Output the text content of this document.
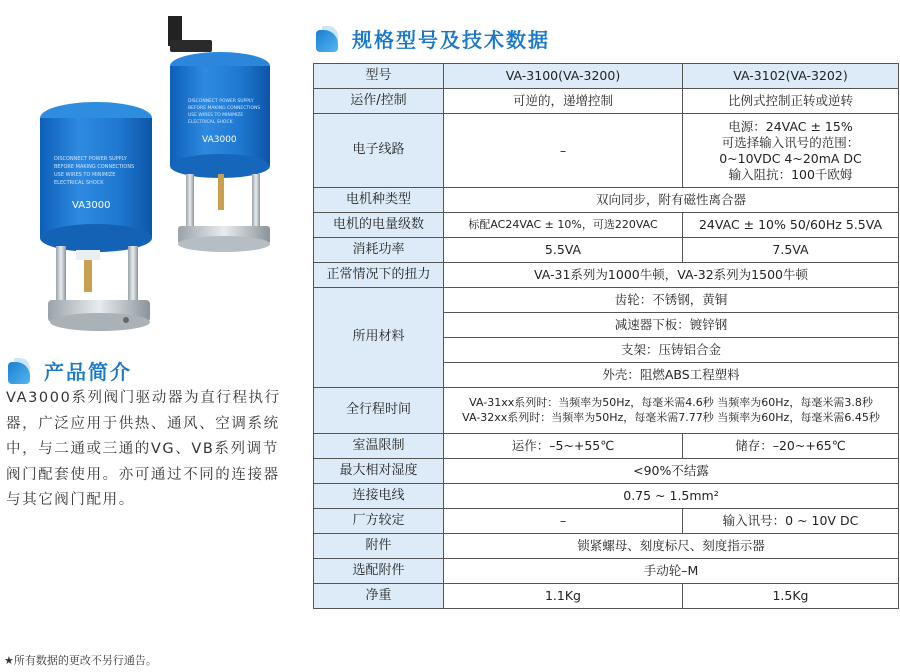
DISCONNECT POWER SUPPLY
BEFORE MAKING CONNECTIONS
USE WIRES TO MINIMIZE
ELECTRICAL SHOCK
VA3000
DISCONNECT POWER SUPPLY
BEFORE MAKING CONNECTIONS
USE WIRES TO MINIMIZE
ELECTRICAL SHOCK
VA3000
产品简介
VA3000系列阀门驱动器为直行程执行器，广泛应用于供热、通风、空调系统中，与二通或三通的VG、VB系列调节阀门配套使用。亦可通过不同的连接器与其它阀门配用。
规格型号及技术数据
型号	VA-3100(VA-3200)	VA-3102(VA-3202)
运作/控制	可逆的，递增控制	比例式控制正转或逆转
电子线路	–	电源：24VAC ± 15%
可选择输入讯号的范围：
0~10VDC 4~20mA DC
输入阻抗：100千欧姆

电机种类型	双向同步，附有磁性离合器	
电机的电量级数	标配AC24VAC ± 10%，可选220VAC	24VAC ± 10% 50/60Hz 5.5VA
消耗功率	5.5VA	7.5VA
正常情况下的扭力	VA-31系列为1000牛顿，VA-32系列为1500牛顿	
所用材料	齿轮：不锈钢，黄铜	
	减速器下板：镀锌钢	
	支架：压铸铝合金	
	外壳：阻燃ABS工程塑料	
全行程时间	VA-31xx系列时：当频率为50Hz，每毫米需4.6秒 当频率为60Hz，每毫米需3.8秒
VA-32xx系列时：当频率为50Hz，每毫米需7.77秒 当频率为60Hz，每毫米需6.45秒	

室温限制	运作：–5~+55℃	储存：–20~+65℃
最大相对湿度	<90%不结露	
连接电线	0.75 ~ 1.5mm²	
厂方较定	–	输入讯号：0 ~ 10V DC
附件	锁紧螺母、刻度标尺、刻度指示器	
选配附件	手动轮–M	
净重	1.1Kg	1.5Kg
★所有数据的更改不另行通告。
